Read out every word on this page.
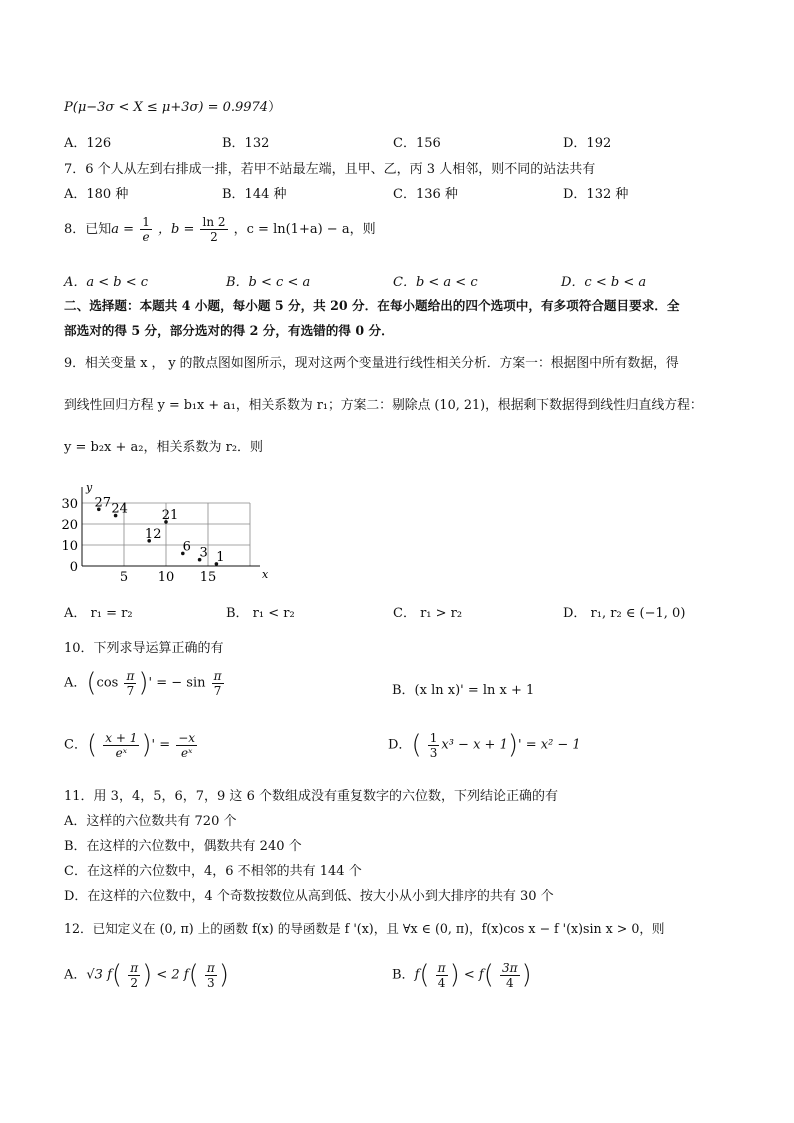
P(μ−3σ < X ≤ μ+3σ) = 0.9974）
A．126	B．132	C．156	D．192
7．6 个人从左到右排成一排，若甲不站最左端，且甲、乙，丙 3 人相邻，则不同的站法共有
A．180 种	B．144 种	C．136 种	D．132 种
8．已知$a = \frac{1}{e}$ ，$b = \frac{\ln 2}{2}$ ，c = ln(1+a) − a，则
A．a < b < c	B．b < c < a	C．b < a < c	D．c < b < a
二、选择题：本题共 4 小题，每小题 5 分，共 20 分．在每小题给出的四个选项中，有多项符合题目要求．全
部选对的得 5 分，部分选对的得 2 分，有选错的得 0 分．
9．相关变量 x ， y 的散点图如图所示，现对这两个变量进行线性相关分析．方案一：根据图中所有数据，得
到线性回归方程 y = b₁x + a₁，相关系数为 r₁；方案二：剔除点 (10, 21)，根据剩下数据得到线性归直线方程：
y = b₂x + a₂，相关系数为 r₂．则
x
y
0
10
20
30
5 10 15
27 24
12
21
6 3 1
A． r₁ = r₂	B． r₁ < r₂	C． r₁ > r₂	D． r₁, r₂ ∈ (−1, 0)
10．下列求导运算正确的有
A．($\cos \frac{\pi}{7}$ )' = − $\sin \frac{\pi}{7}$	B．(x ln x)' = ln x + 1
C．( $\frac{x + 1}{\text{eˣ}}$ )' = $\frac{-x}{\text{eˣ}}$	D．( $\frac{1}{3} x^3 - x + 1)' = x^2 - 1$
11．用 3，4，5，6，7，9 这 6 个数组成没有重复数字的六位数，下列结论正确的有
A．这样的六位数共有 720 个
B．在这样的六位数中，偶数共有 240 个
C．在这样的六位数中，4，6 不相邻的共有 144 个
D．在这样的六位数中，4 个奇数按数位从高到低、按大小从小到大排序的共有 30 个
12．已知定义在 (0, π) 上的函数 f(x) 的导函数是 f '(x)，且 ∀x ∈ (0, π)，f(x)cos x − f '(x)sin x > 0，则
A．√3 $f( \frac{\pi}{2}$ ) < 2 $f( \frac{\pi}{3}$ )	B．$f( \frac{\pi}{4}$ ) < $f( \frac{3\pi}{4}$ )
